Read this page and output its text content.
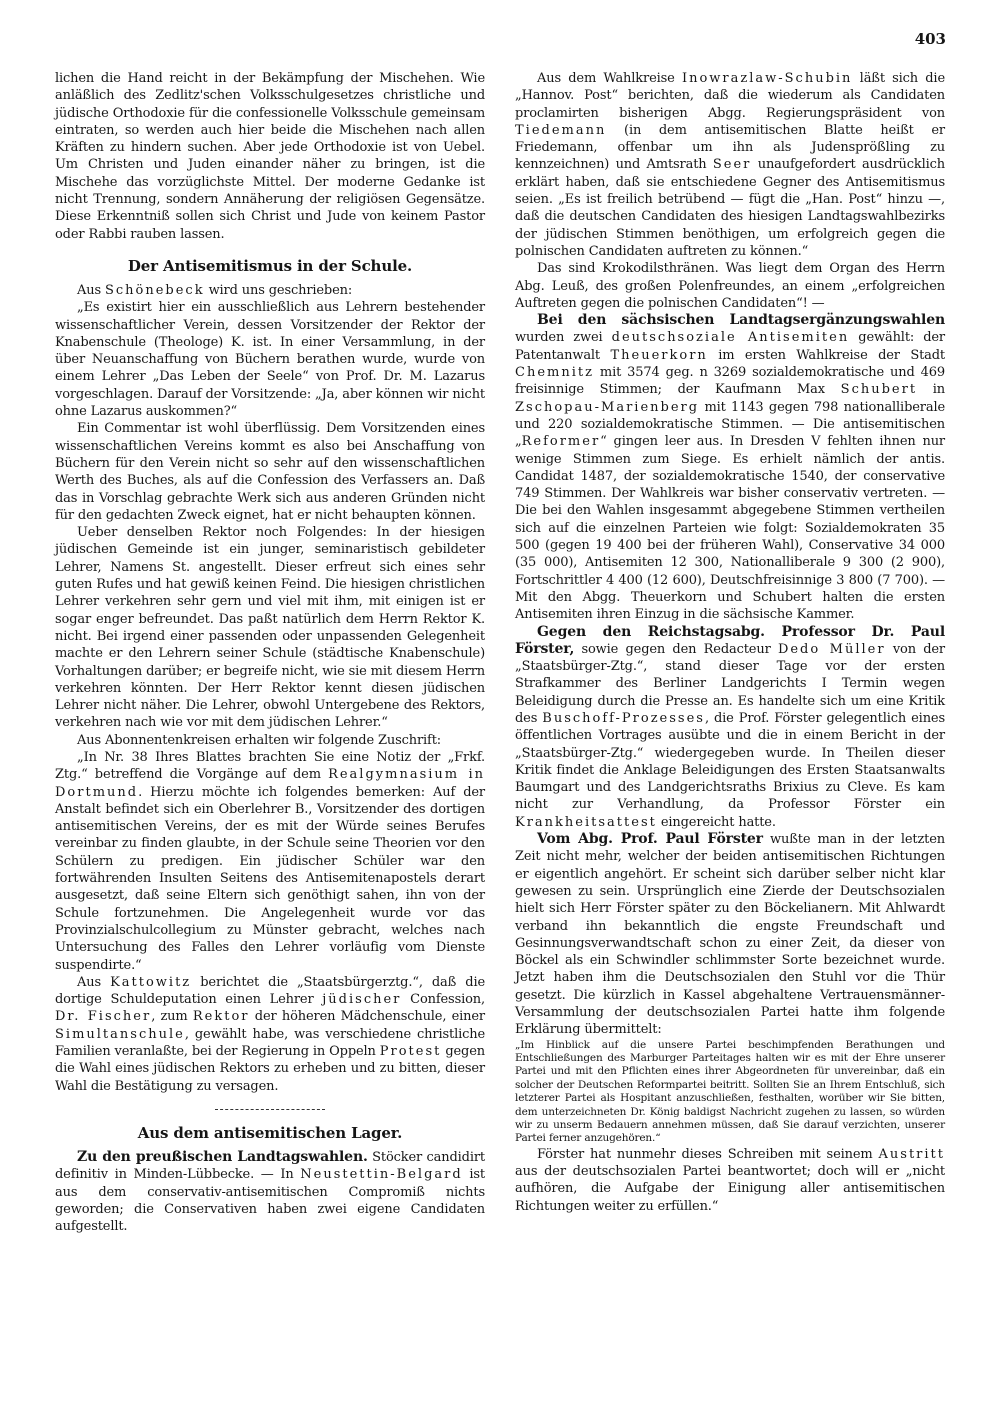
403

lichen die Hand reicht in der Bekämpfung der Mischehen. Wie anläßlich des Zedlitz'schen Volksschulgesetzes christliche und jüdische Orthodoxie für die confessionelle Volksschule gemeinsam eintraten, so werden auch hier beide die Mischehen nach allen Kräften zu hindern suchen. Aber jede Orthodoxie ist von Uebel. Um Christen und Juden einander näher zu bringen, ist die Mischehe das vorzüglichste Mittel. Der moderne Gedanke ist nicht Trennung, sondern Annäherung der religiösen Gegensätze. Diese Erkenntniß sollen sich Christ und Jude von keinem Pastor oder Rabbi rauben lassen.

Der Antisemitismus in der Schule.

Aus Schönebeck wird uns geschrieben:

„Es existirt hier ein ausschließlich aus Lehrern bestehender wissenschaftlicher Verein, dessen Vorsitzender der Rektor der Knabenschule (Theologe) K. ist. In einer Versammlung, in der über Neuanschaffung von Büchern berathen wurde, wurde von einem Lehrer „Das Leben der Seele“ von Prof. Dr. M. Lazarus vorgeschlagen. Darauf der Vorsitzende: „Ja, aber können wir nicht ohne Lazarus auskommen?“

Ein Commentar ist wohl überflüssig. Dem Vorsitzenden eines wissenschaftlichen Vereins kommt es also bei Anschaffung von Büchern für den Verein nicht so sehr auf den wissenschaftlichen Werth des Buches, als auf die Confession des Verfassers an. Daß das in Vorschlag gebrachte Werk sich aus anderen Gründen nicht für den gedachten Zweck eignet, hat er nicht behaupten können.

Ueber denselben Rektor noch Folgendes: In der hiesigen jüdischen Gemeinde ist ein junger, seminaristisch gebildeter Lehrer, Namens St. angestellt. Dieser erfreut sich eines sehr guten Rufes und hat gewiß keinen Feind. Die hiesigen christlichen Lehrer verkehren sehr gern und viel mit ihm, mit einigen ist er sogar enger befreundet. Das paßt natürlich dem Herrn Rektor K. nicht. Bei irgend einer passenden oder unpassenden Gelegenheit machte er den Lehrern seiner Schule (städtische Knabenschule) Vorhaltungen darüber; er begreife nicht, wie sie mit diesem Herrn verkehren könnten. Der Herr Rektor kennt diesen jüdischen Lehrer nicht näher. Die Lehrer, obwohl Untergebene des Rektors, verkehren nach wie vor mit dem jüdischen Lehrer.“

Aus Abonnentenkreisen erhalten wir folgende Zuschrift:

„In Nr. 38 Ihres Blattes brachten Sie eine Notiz der „Frkf. Ztg.“ betreffend die Vorgänge auf dem Realgymnasium in Dortmund. Hierzu möchte ich folgendes bemerken: Auf der Anstalt befindet sich ein Oberlehrer B., Vorsitzender des dortigen antisemitischen Vereins, der es mit der Würde seines Berufes vereinbar zu finden glaubte, in der Schule seine Theorien vor den Schülern zu predigen. Ein jüdischer Schüler war den fortwährenden Insulten Seitens des Antisemitenapostels derart ausgesetzt, daß seine Eltern sich genöthigt sahen, ihn von der Schule fortzunehmen. Die Angelegenheit wurde vor das Provinzialschulcollegium zu Münster gebracht, welches nach Untersuchung des Falles den Lehrer vorläufig vom Dienste suspendirte.“

Aus Kattowitz berichtet die „Staatsbürgerztg.“, daß die dortige Schuldeputation einen Lehrer jüdischer Confession, Dr. Fischer, zum Rektor der höheren Mädchenschule, einer Simultanschule, gewählt habe, was verschiedene christliche Familien veranlaßte, bei der Regierung in Oppeln Protest gegen die Wahl eines jüdischen Rektors zu erheben und zu bitten, dieser Wahl die Bestätigung zu versagen.

Aus dem antisemitischen Lager.

Zu den preußischen Landtagswahlen. Stöcker candidirt definitiv in Minden-Lübbecke. — In Neustettin-Belgard ist aus dem conservativ-antisemitischen Compromiß nichts geworden; die Conservativen haben zwei eigene Candidaten aufgestellt.

Aus dem Wahlkreise Inowrazlaw-Schubin läßt sich die „Hannov. Post“ berichten, daß die wiederum als Candidaten proclamirten bisherigen Abgg. Regierungspräsident von Tiedemann (in dem antisemitischen Blatte heißt er Friedemann, offenbar um ihn als Judensprößling zu kennzeichnen) und Amtsrath Seer unaufgefordert ausdrücklich erklärt haben, daß sie entschiedene Gegner des Antisemitismus seien. „Es ist freilich betrübend — fügt die „Han. Post“ hinzu —, daß die deutschen Candidaten des hiesigen Landtagswahlbezirks der jüdischen Stimmen benöthigen, um erfolgreich gegen die polnischen Candidaten auftreten zu können.“

Das sind Krokodilsthränen. Was liegt dem Organ des Herrn Abg. Leuß, des großen Polenfreundes, an einem „erfolgreichen Auftreten gegen die polnischen Candidaten“! —

Bei den sächsischen Landtagsergänzungswahlen wurden zwei deutschsoziale Antisemiten gewählt: der Patentanwalt Theuerkorn im ersten Wahlkreise der Stadt Chemnitz mit 3574 geg. n 3269 sozialdemokratische und 469 freisinnige Stimmen; der Kaufmann Max Schubert in Zschopau-Marienberg mit 1143 gegen 798 nationalliberale und 220 sozialdemokratische Stimmen. — Die antisemitischen „Reformer“ gingen leer aus. In Dresden V fehlten ihnen nur wenige Stimmen zum Siege. Es erhielt nämlich der antis. Candidat 1487, der sozialdemokratische 1540, der conservative 749 Stimmen. Der Wahlkreis war bisher conservativ vertreten. — Die bei den Wahlen insgesammt abgegebene Stimmen vertheilen sich auf die einzelnen Parteien wie folgt: Sozialdemokraten 35 500 (gegen 19 400 bei der früheren Wahl), Conservative 34 000 (35 000), Antisemiten 12 300, Nationalliberale 9 300 (2 900), Fortschrittler 4 400 (12 600), Deutschfreisinnige 3 800 (7 700). — Mit den Abgg. Theuerkorn und Schubert halten die ersten Antisemiten ihren Einzug in die sächsische Kammer.

Gegen den Reichstagsabg. Professor Dr. Paul Förster, sowie gegen den Redacteur Dedo Müller von der „Staatsbürger-Ztg.“, stand dieser Tage vor der ersten Strafkammer des Berliner Landgerichts I Termin wegen Beleidigung durch die Presse an. Es handelte sich um eine Kritik des Buschoff-Prozesses, die Prof. Förster gelegentlich eines öffentlichen Vortrages ausübte und die in einem Bericht in der „Staatsbürger-Ztg.“ wiedergegeben wurde. In Theilen dieser Kritik findet die Anklage Beleidigungen des Ersten Staatsanwalts Baumgart und des Landgerichtsraths Brixius zu Cleve. Es kam nicht zur Verhandlung, da Professor Förster ein Krankheitsattest eingereicht hatte.

Vom Abg. Prof. Paul Förster wußte man in der letzten Zeit nicht mehr, welcher der beiden antisemitischen Richtungen er eigentlich angehört. Er scheint sich darüber selber nicht klar gewesen zu sein. Ursprünglich eine Zierde der Deutschsozialen hielt sich Herr Förster später zu den Böckelianern. Mit Ahlwardt verband ihn bekanntlich die engste Freundschaft und Gesinnungsverwandtschaft schon zu einer Zeit, da dieser von Böckel als ein Schwindler schlimmster Sorte bezeichnet wurde. Jetzt haben ihm die Deutschsozialen den Stuhl vor die Thür gesetzt. Die kürzlich in Kassel abgehaltene Vertrauensmänner-Versammlung der deutschsozialen Partei hatte ihm folgende Erklärung übermittelt:

„Im Hinblick auf die unsere Partei beschimpfenden Berathungen und Entschließungen des Marburger Parteitages halten wir es mit der Ehre unserer Partei und mit den Pflichten eines ihrer Abgeordneten für unvereinbar, daß ein solcher der Deutschen Reformpartei beitritt. Sollten Sie an Ihrem Entschluß, sich letzterer Partei als Hospitant anzuschließen, festhalten, worüber wir Sie bitten, dem unterzeichneten Dr. König baldigst Nachricht zugehen zu lassen, so würden wir zu unserm Bedauern annehmen müssen, daß Sie darauf verzichten, unserer Partei ferner anzugehören.“

Förster hat nunmehr dieses Schreiben mit seinem Austritt aus der deutschsozialen Partei beantwortet; doch will er „nicht aufhören, die Aufgabe der Einigung aller antisemitischen Richtungen weiter zu erfüllen.“
